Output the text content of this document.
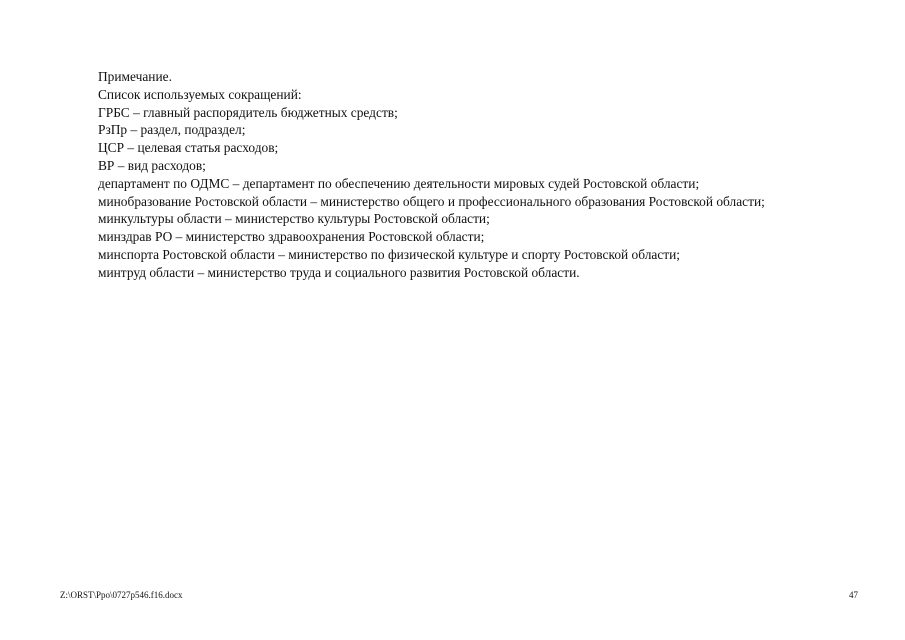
Примечание.

Список используемых сокращений:

ГРБС – главный распорядитель бюджетных средств;

РзПр – раздел, подраздел;

ЦСР – целевая статья расходов;

ВР – вид расходов;

департамент по ОДМС – департамент по обеспечению деятельности мировых судей Ростовской области;

минобразование Ростовской области – министерство общего и профессионального образования Ростовской области;

минкультуры области – министерство культуры Ростовской области;

минздрав РО – министерство здравоохранения Ростовской области;

минспорта Ростовской области – министерство по физической культуре и спорту Ростовской области;

минтруд области – министерство труда и социального развития Ростовской области.

Z:\ORST\Ppo\0727p546.f16.docx	47
